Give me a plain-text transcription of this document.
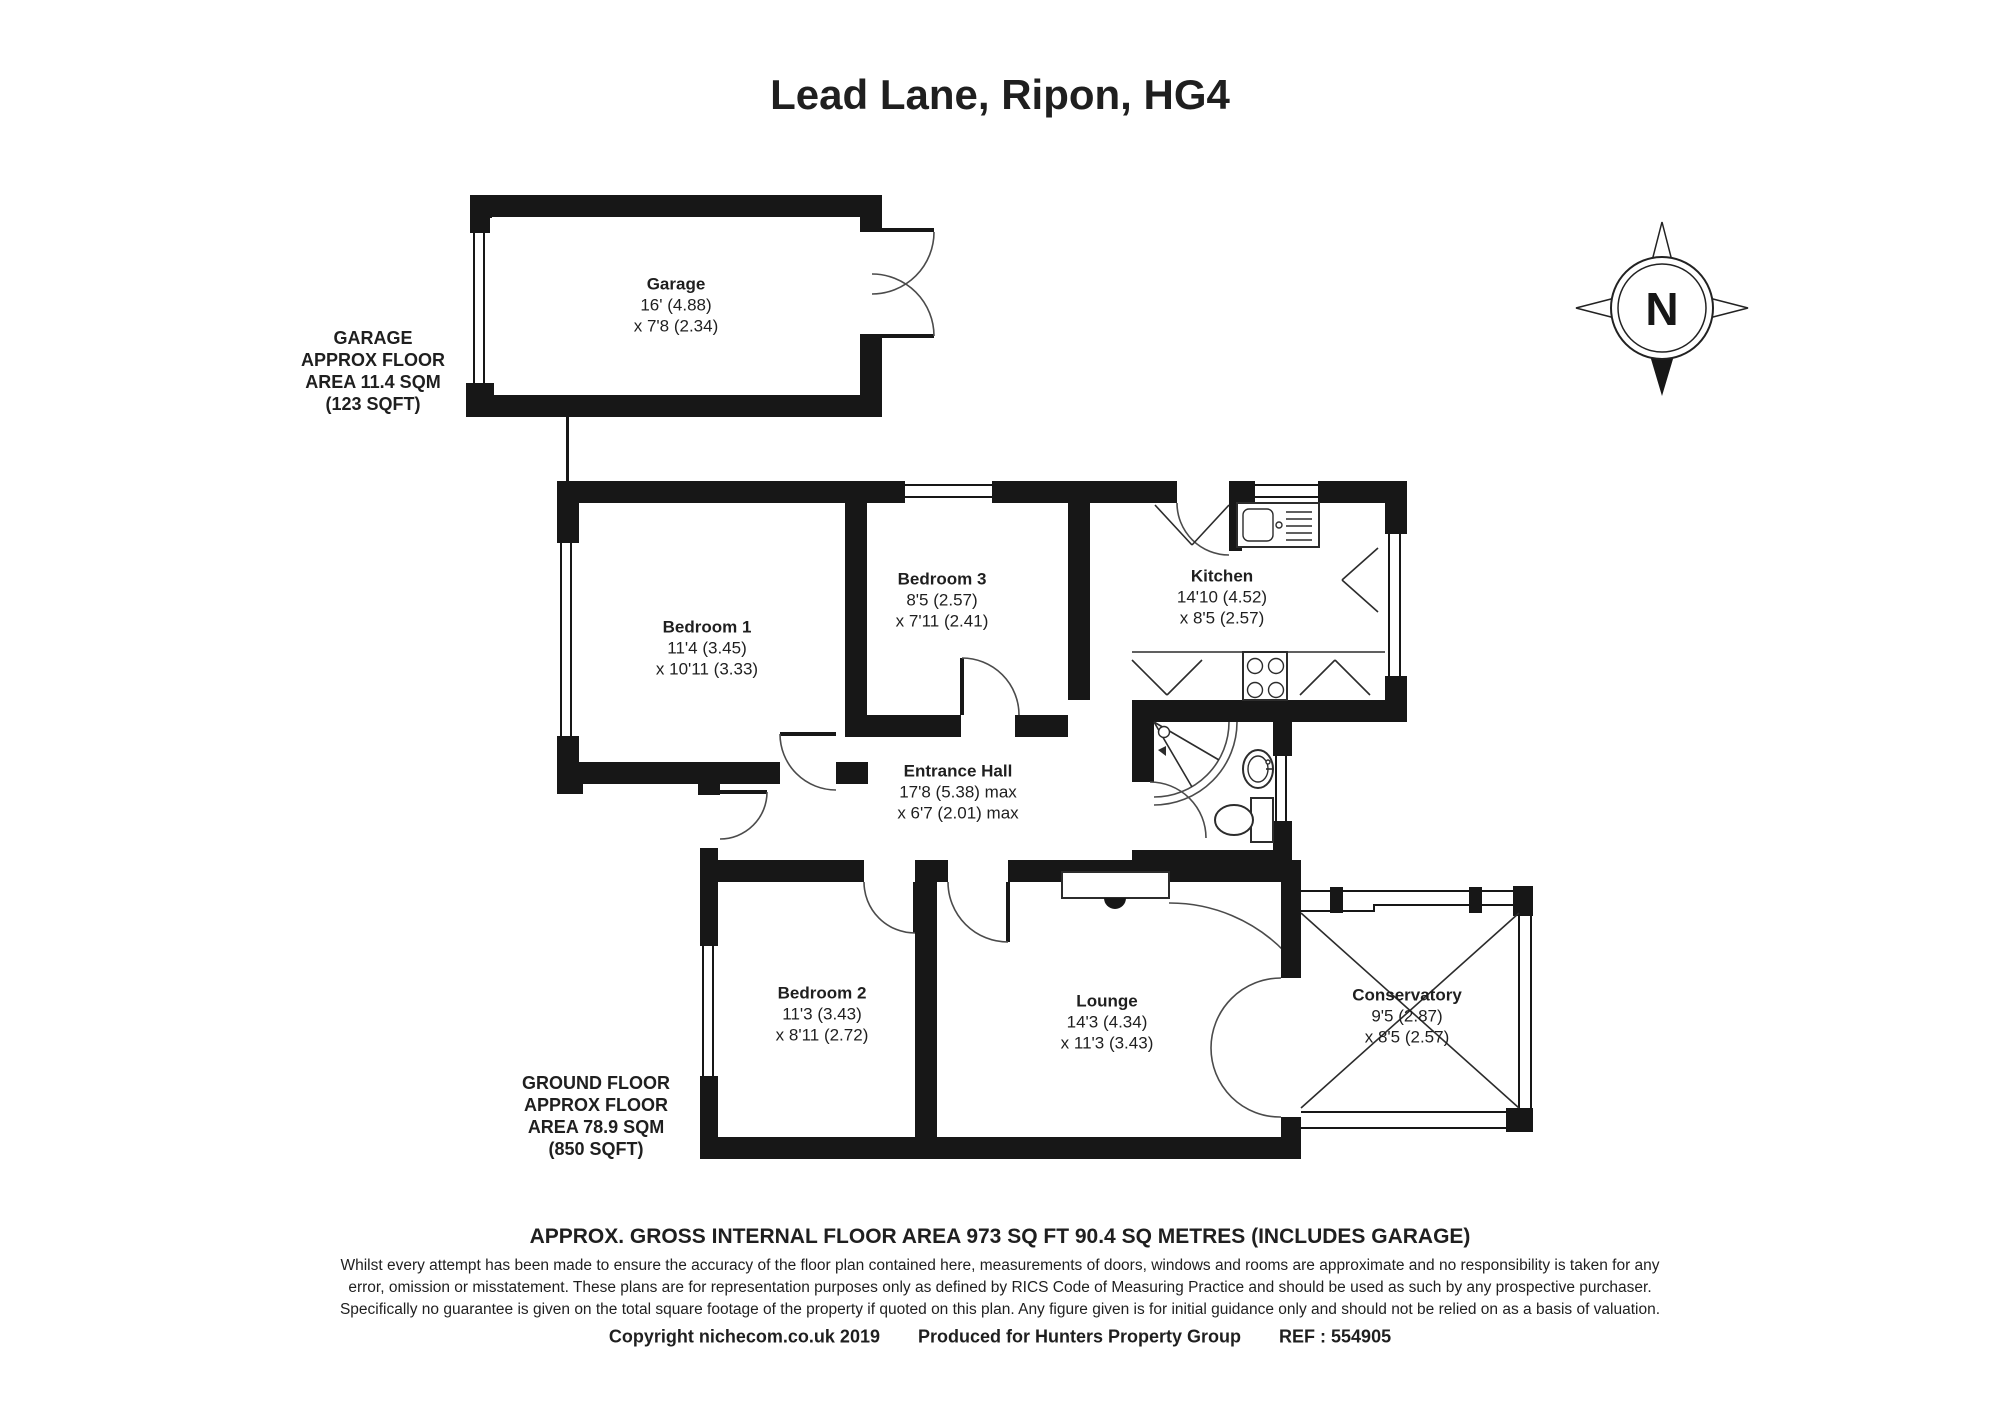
N
Lead Lane, Ripon, HG4
Garage
16' (4.88)
x 7'8 (2.34)
Bedroom 1
11'4 (3.45)
x 10'11 (3.33)
Bedroom 3
8'5 (2.57)
x 7'11 (2.41)
Kitchen
14'10 (4.52)
x 8'5 (2.57)
Entrance Hall
17'8 (5.38) max
x 6'7 (2.01) max
Bedroom 2
11'3 (3.43)
x 8'11 (2.72)
Lounge
14'3 (4.34)
x 11'3 (3.43)
Conservatory
9'5 (2.87)
x 8'5 (2.57)
GARAGE
APPROX FLOOR
AREA 11.4 SQM
(123 SQFT)
GROUND FLOOR
APPROX FLOOR
AREA 78.9 SQM
(850 SQFT)
APPROX. GROSS INTERNAL FLOOR AREA 973 SQ FT 90.4 SQ METRES (INCLUDES GARAGE)
Whilst every attempt has been made to ensure the accuracy of the floor plan contained here, measurements of doors, windows and rooms are approximate and no responsibility is taken for any
error, omission or misstatement. These plans are for representation purposes only as defined by RICS Code of Measuring Practice and should be used as such by any prospective purchaser.
Specifically no guarantee is given on the total square footage of the property if quoted on this plan. Any figure given is for initial guidance only and should not be relied on as a basis of valuation.
Copyright nichecom.co.uk 2019 Produced for Hunters Property Group REF : 554905
